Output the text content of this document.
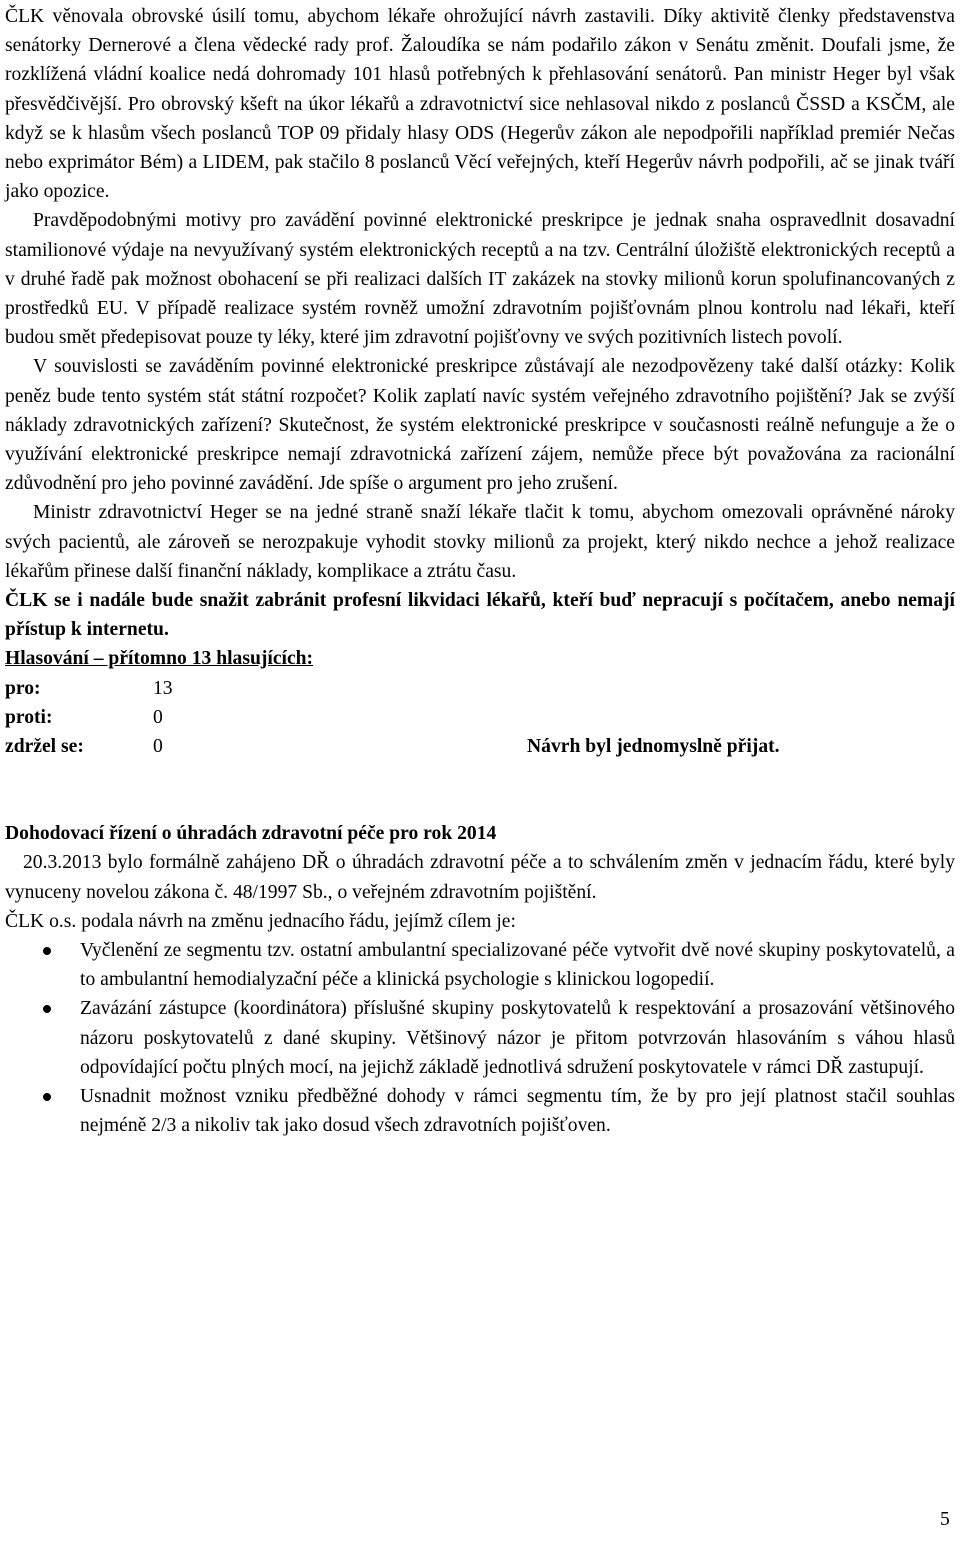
ČLK věnovala obrovské úsilí tomu, abychom lékaře ohrožující návrh zastavili. Díky aktivitě členky představenstva senátorky Dernerové a člena vědecké rady prof. Žaloudíka se nám podařilo zákon v Senátu změnit. Doufali jsme, že rozklížená vládní koalice nedá dohromady 101 hlasů potřebných k přehlasování senátorů. Pan ministr Heger byl však přesvědčivější. Pro obrovský kšeft na úkor lékařů a zdravotnictví sice nehlasoval nikdo z poslanců ČSSD a KSČM, ale když se k hlasům všech poslanců TOP 09 přidaly hlasy ODS (Hegerův zákon ale nepodpořili například premiér Nečas nebo exprimátor Bém) a LIDEM, pak stačilo 8 poslanců Věcí veřejných, kteří Hegerův návrh podpořili, ač se jinak tváří jako opozice.

Pravděpodobnými motivy pro zavádění povinné elektronické preskripce je jednak snaha ospravedlnit dosavadní stamilionové výdaje na nevyužívaný systém elektronických receptů a na tzv. Centrální úložiště elektronických receptů a v druhé řadě pak možnost obohacení se při realizaci dalších IT zakázek na stovky milionů korun spolufinancovaných z prostředků EU. V případě realizace systém rovněž umožní zdravotním pojišťovnám plnou kontrolu nad lékaři, kteří budou smět předepisovat pouze ty léky, které jim zdravotní pojišťovny ve svých pozitivních listech povolí.

V souvislosti se zaváděním povinné elektronické preskripce zůstávají ale nezodpovězeny také další otázky: Kolik peněz bude tento systém stát státní rozpočet? Kolik zaplatí navíc systém veřejného zdravotního pojištění? Jak se zvýší náklady zdravotnických zařízení? Skutečnost, že systém elektronické preskripce v současnosti reálně nefunguje a že o využívání elektronické preskripce nemají zdravotnická zařízení zájem, nemůže přece být považována za racionální zdůvodnění pro jeho povinné zavádění. Jde spíše o argument pro jeho zrušení.

Ministr zdravotnictví Heger se na jedné straně snaží lékaře tlačit k tomu, abychom omezovali oprávněné nároky svých pacientů, ale zároveň se nerozpakuje vyhodit stovky milionů za projekt, který nikdo nechce a jehož realizace lékařům přinese další finanční náklady, komplikace a ztrátu času.

ČLK se i nadále bude snažit zabránit profesní likvidaci lékařů, kteří buď nepracují s počítačem, anebo nemají přístup k internetu.

Hlasování – přítomno 13 hlasujících:
pro:	13
proti:	0
zdržel se:	0	Návrh byl jednomyslně přijat.

Dohodovací řízení o úhradách zdravotní péče pro rok 2014

20.3.2013 bylo formálně zahájeno DŘ o úhradách zdravotní péče a to schválením změn v jednacím řádu, které byly vynuceny novelou zákona č. 48/1997 Sb., o veřejném zdravotním pojištění.

ČLK o.s. podala návrh na změnu jednacího řádu, jejímž cílem je:

Vyčlenění ze segmentu tzv. ostatní ambulantní specializované péče vytvořit dvě nové skupiny poskytovatelů, a to ambulantní hemodialyzační péče a klinická psychologie s klinickou logopedií.
Zavázání zástupce (koordinátora) příslušné skupiny poskytovatelů k respektování a prosazování většinového názoru poskytovatelů z dané skupiny. Většinový názor je přitom potvrzován hlasováním s váhou hlasů odpovídající počtu plných mocí, na jejichž základě jednotlivá sdružení poskytovatele v rámci DŘ zastupují.
Usnadnit možnost vzniku předběžné dohody v rámci segmentu tím, že by pro její platnost stačil souhlas nejméně 2/3 a nikoliv tak jako dosud všech zdravotních pojišťoven.
5
